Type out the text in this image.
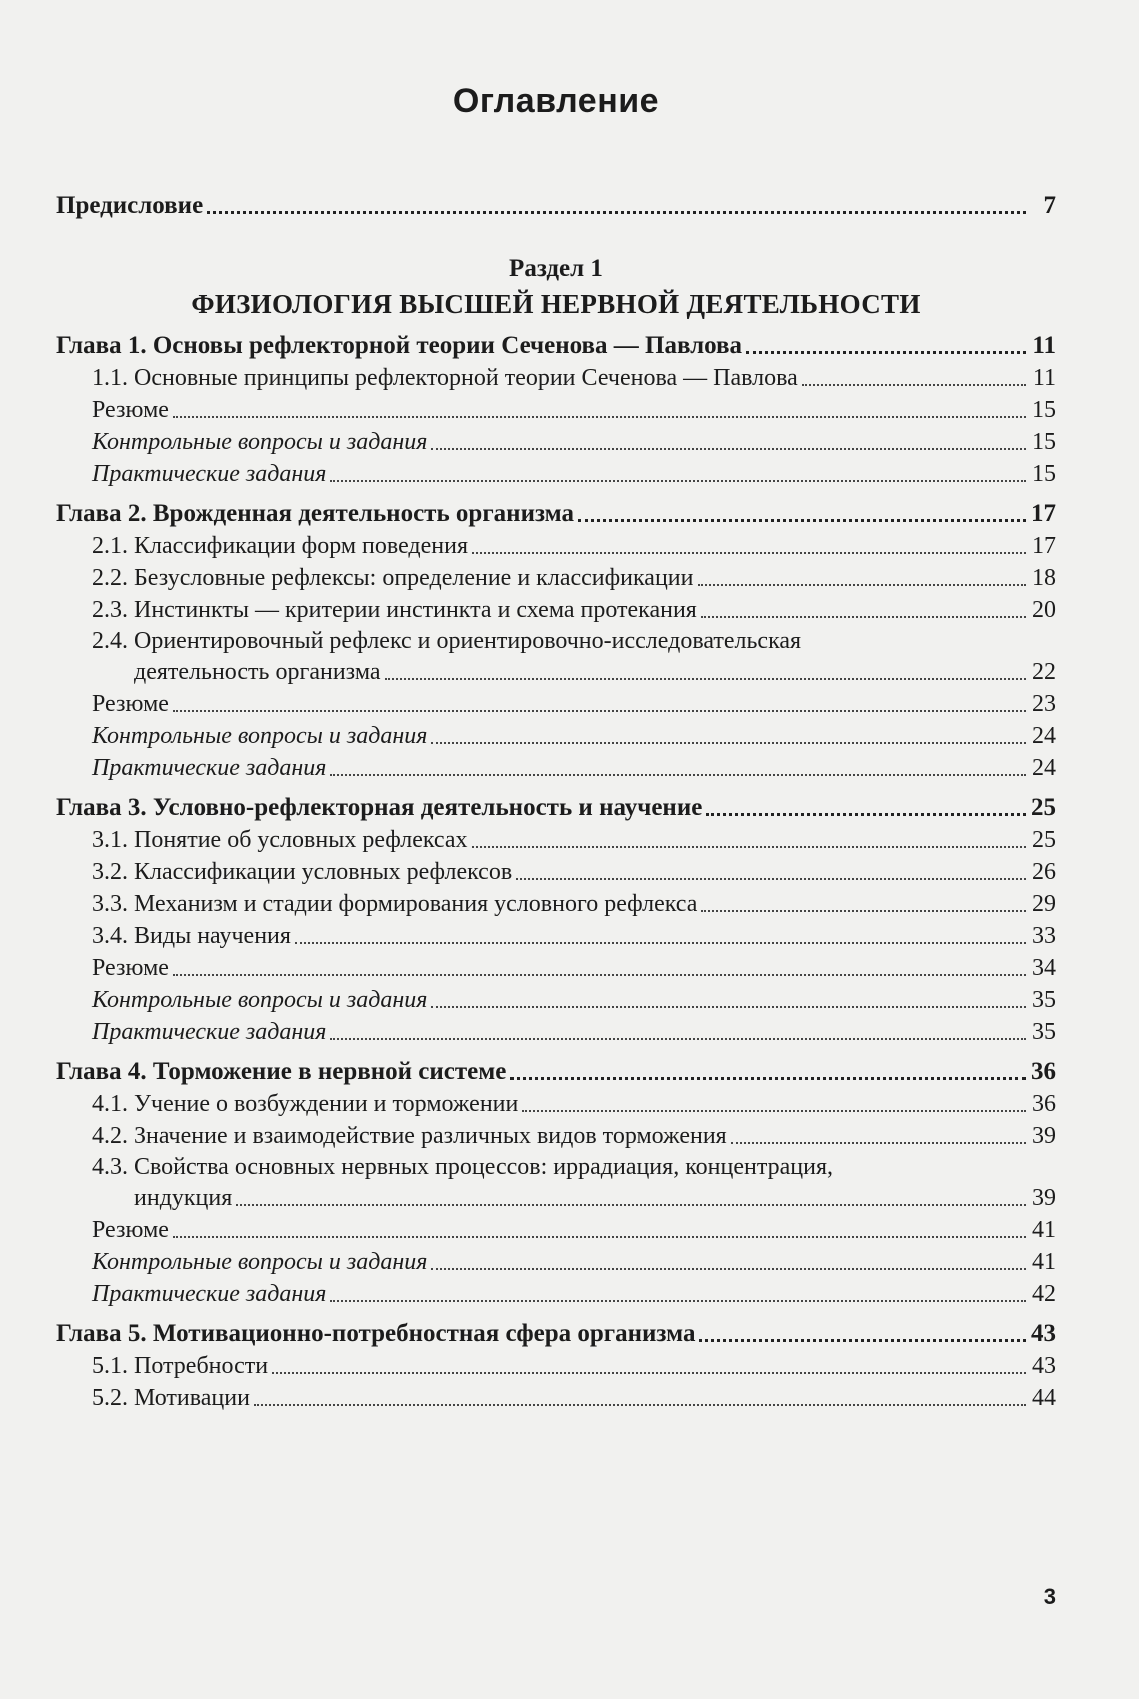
Оглавление
Предисловие	7
Раздел 1
ФИЗИОЛОГИЯ ВЫСШЕЙ НЕРВНОЙ ДЕЯТЕЛЬНОСТИ
Глава 1. Основы рефлекторной теории Сеченова — Павлова	11
1.1. Основные принципы рефлекторной теории Сеченова — Павлова	11
Резюме	15
Контрольные вопросы и задания	15
Практические задания	15
Глава 2. Врожденная деятельность организма	17
2.1. Классификации форм поведения	17
2.2. Безусловные рефлексы: определение и классификации	18
2.3. Инстинкты — критерии инстинкта и схема протекания	20
2.4. Ориентировочный рефлекс и ориентировочно-исследовательская
деятельность организма	22
Резюме	23
Контрольные вопросы и задания	24
Практические задания	24
Глава 3. Условно-рефлекторная деятельность и научение	25
3.1. Понятие об условных рефлексах	25
3.2. Классификации условных рефлексов	26
3.3. Механизм и стадии формирования условного рефлекса	29
3.4. Виды научения	33
Резюме	34
Контрольные вопросы и задания	35
Практические задания	35
Глава 4. Торможение в нервной системе	36
4.1. Учение о возбуждении и торможении	36
4.2. Значение и взаимодействие различных видов торможения	39
4.3. Свойства основных нервных процессов: иррадиация, концентрация,
индукция	39
Резюме	41
Контрольные вопросы и задания	41
Практические задания	42
Глава 5. Мотивационно-потребностная сфера организма	43
5.1. Потребности	43
5.2. Мотивации	44
3
